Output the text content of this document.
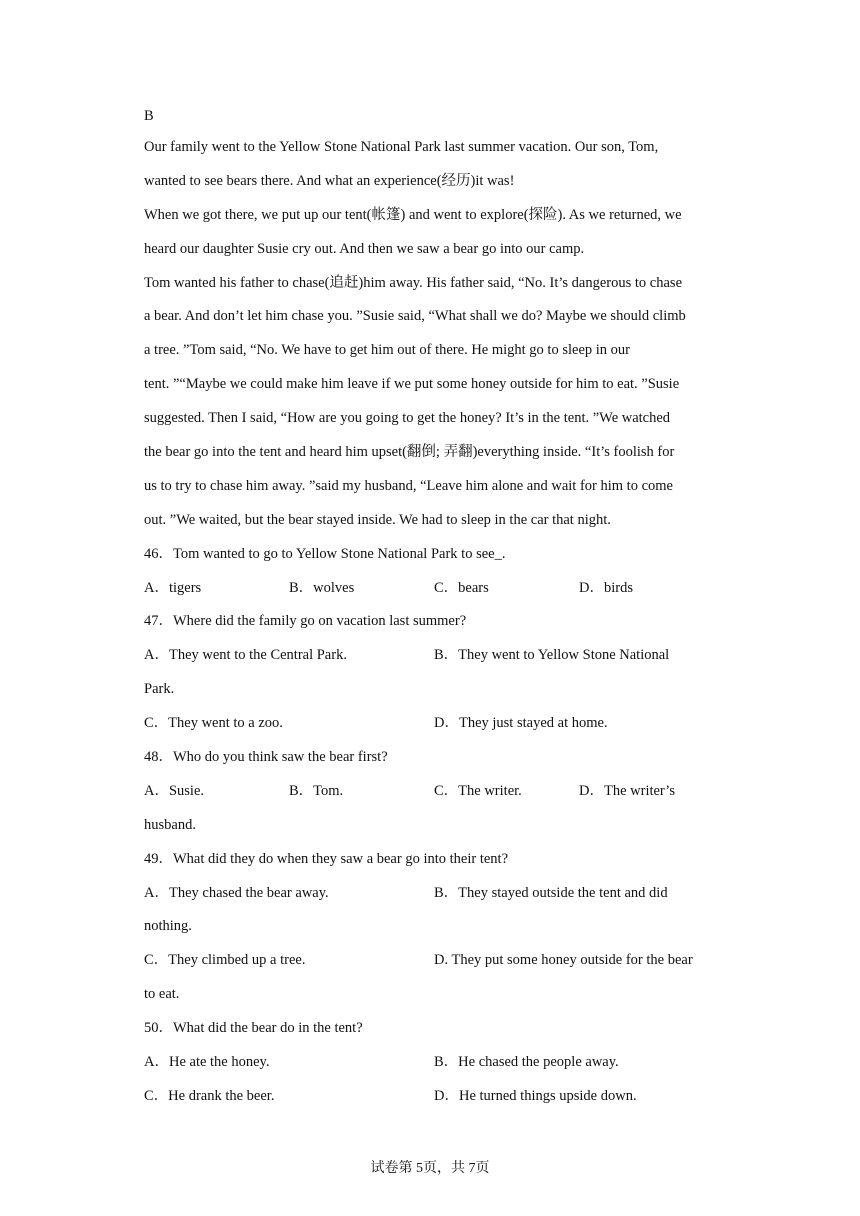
B
Our family went to the Yellow Stone National Park last summer vacation. Our son, Tom,
wanted to see bears there. And what an experience(经历)it was!
When we got there, we put up our tent(帐篷) and went to explore(探险). As we returned, we
heard our daughter Susie cry out. And then we saw a bear go into our camp.
Tom wanted his father to chase(追赶)him away. His father said, “No. It’s dangerous to chase
a bear. And don’t let him chase you. ”Susie said, “What shall we do? Maybe we should climb
a tree. ”Tom said, “No. We have to get him out of there. He might go to sleep in our
tent. ”“Maybe we could make him leave if we put some honey outside for him to eat. ”Susie
suggested. Then I said, “How are you going to get the honey? It’s in the tent. ”We watched
the bear go into the tent and heard him upset(翻倒; 弄翻)everything inside. “It’s foolish for
us to try to chase him away. ”said my husband, “Leave him alone and wait for him to come
out. ”We waited, but the bear stayed inside. We had to sleep in the car that night.
46．Tom wanted to go to Yellow Stone National Park to see_.
A．tigers	B．wolves	C．bears	D．birds
47．Where did the family go on vacation last summer?
A．They went to the Central Park.	B．They went to Yellow Stone National
Park.
C．They went to a zoo.	D．They just stayed at home.
48．Who do you think saw the bear first?
A．Susie.	B．Tom.	C．The writer.	D．The writer’s
husband.
49．What did they do when they saw a bear go into their tent?
A．They chased the bear away.	B．They stayed outside the tent and did
nothing.
C．They climbed up a tree.	D. They put some honey outside for the bear
to eat.
50．What did the bear do in the tent?
A．He ate the honey.	B．He chased the people away.
C．He drank the beer.	D．He turned things upside down.
试卷第 5页，共 7页
